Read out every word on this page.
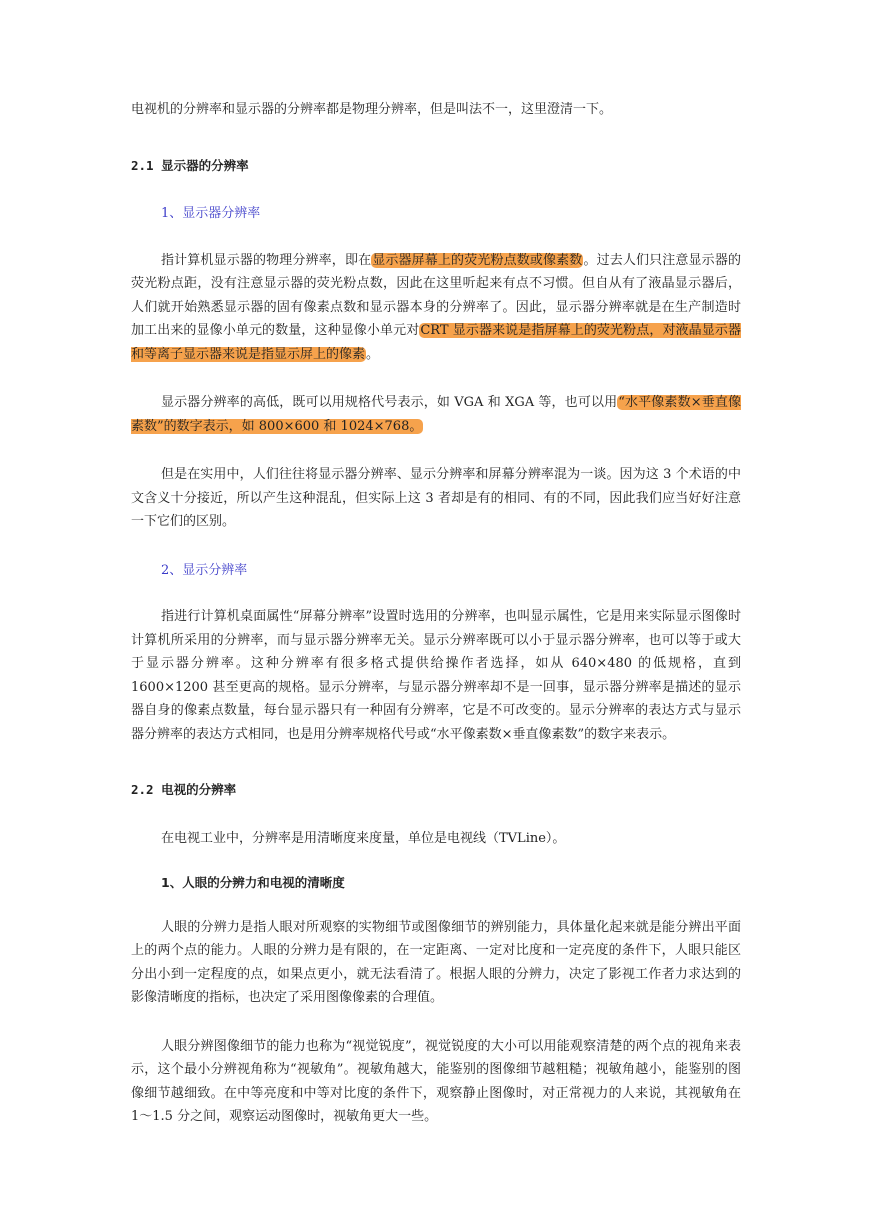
电视机的分辨率和显示器的分辨率都是物理分辨率，但是叫法不一，这里澄清一下。

2.1 显示器的分辨率

1、显示器分辨率

指计算机显示器的物理分辨率，即在显示器屏幕上的荧光粉点数或像素数。过去人们只注意显示器的荧光粉点距，没有注意显示器的荧光粉点数，因此在这里听起来有点不习惯。但自从有了液晶显示器后，人们就开始熟悉显示器的固有像素点数和显示器本身的分辨率了。因此，显示器分辨率就是在生产制造时加工出来的显像小单元的数量，这种显像小单元对CRT 显示器来说是指屏幕上的荧光粉点，对液晶显示器和等离子显示器来说是指显示屏上的像素。

显示器分辨率的高低，既可以用规格代号表示，如 VGA 和 XGA 等，也可以用“水平像素数×垂直像素数”的数字表示，如 800×600 和 1024×768。

但是在实用中，人们往往将显示器分辨率、显示分辨率和屏幕分辨率混为一谈。因为这 3 个术语的中文含义十分接近，所以产生这种混乱，但实际上这 3 者却是有的相同、有的不同，因此我们应当好好注意一下它们的区别。

2、显示分辨率

指进行计算机桌面属性“屏幕分辨率”设置时选用的分辨率，也叫显示属性，它是用来实际显示图像时计算机所采用的分辨率，而与显示器分辨率无关。显示分辨率既可以小于显示器分辨率，也可以等于或大于显示器分辨率。这种分辨率有很多格式提供给操作者选择，如从 640×480 的低规格，直到 1600×1200 甚至更高的规格。显示分辨率，与显示器分辨率却不是一回事，显示器分辨率是描述的显示器自身的像素点数量，每台显示器只有一种固有分辨率，它是不可改变的。显示分辨率的表达方式与显示器分辨率的表达方式相同，也是用分辨率规格代号或“水平像素数×垂直像素数”的数字来表示。

2.2 电视的分辨率

在电视工业中，分辨率是用清晰度来度量，单位是电视线（TVLine）。

1、人眼的分辨力和电视的清晰度

人眼的分辨力是指人眼对所观察的实物细节或图像细节的辨别能力，具体量化起来就是能分辨出平面上的两个点的能力。人眼的分辨力是有限的，在一定距离、一定对比度和一定亮度的条件下，人眼只能区分出小到一定程度的点，如果点更小，就无法看清了。根据人眼的分辨力，决定了影视工作者力求达到的影像清晰度的指标，也决定了采用图像像素的合理值。

人眼分辨图像细节的能力也称为“视觉锐度”，视觉锐度的大小可以用能观察清楚的两个点的视角来表示，这个最小分辨视角称为“视敏角”。视敏角越大，能鉴别的图像细节越粗糙；视敏角越小，能鉴别的图像细节越细致。在中等亮度和中等对比度的条件下，观察静止图像时，对正常视力的人来说，其视敏角在 1～1.5 分之间，观察运动图像时，视敏角更大一些。
